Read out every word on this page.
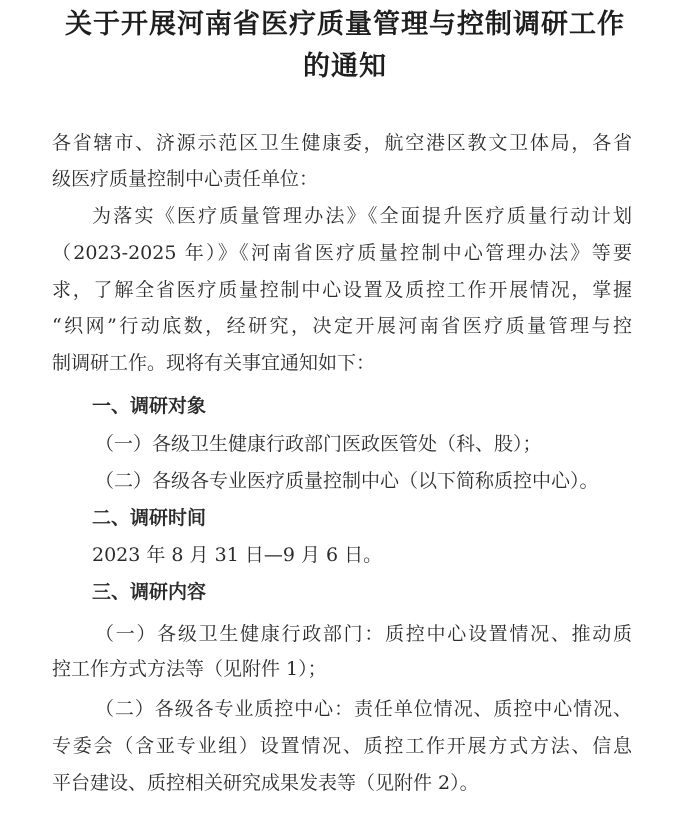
关于开展河南省医疗质量管理与控制调研工作
的通知

各省辖市、济源示范区卫生健康委，航空港区教文卫体局，各省

级医疗质量控制中心责任单位：

为落实《医疗质量管理办法》《全面提升医疗质量行动计划

（2023-2025 年）》《河南省医疗质量控制中心管理办法》等要

求，了解全省医疗质量控制中心设置及质控工作开展情况，掌握

“织网”行动底数，经研究，决定开展河南省医疗质量管理与控

制调研工作。现将有关事宜通知如下：

一、调研对象

（一）各级卫生健康行政部门医政医管处（科、股）；

（二）各级各专业医疗质量控制中心（以下简称质控中心）。

二、调研时间

2023 年 8 月 31 日—9 月 6 日。

三、调研内容

（一）各级卫生健康行政部门：质控中心设置情况、推动质

控工作方式方法等（见附件 1）；

（二）各级各专业质控中心：责任单位情况、质控中心情况、

专委会（含亚专业组）设置情况、质控工作开展方式方法、信息

平台建设、质控相关研究成果发表等（见附件 2）。
